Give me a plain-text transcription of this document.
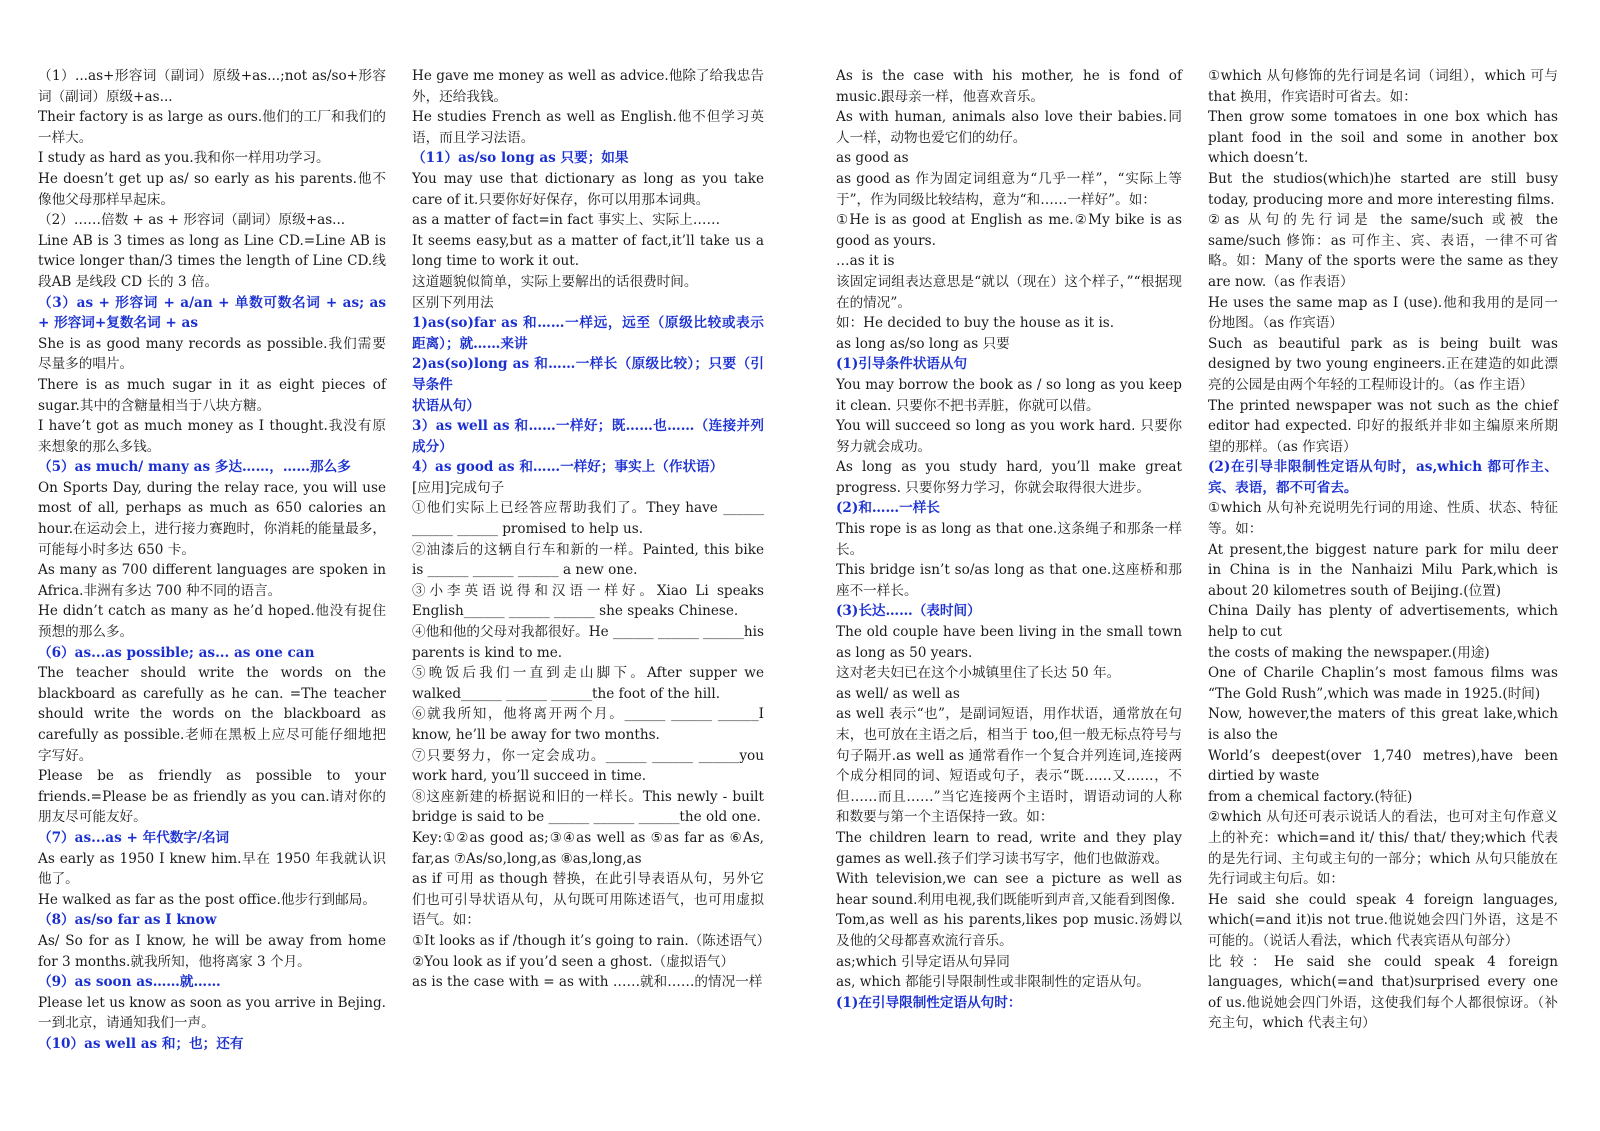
（1）...as+形容词（副词）原级+as...;not as/so+形容词（副词）原级+as...

Their factory is as large as ours.他们的工厂和我们的一样大。

I study as hard as you.我和你一样用功学习。

He doesn’t get up as/ so early as his parents.他不像他父母那样早起床。

（2）……倍数 + as + 形容词（副词）原级+as...

Line AB is 3 times as long as Line CD.=Line AB is twice longer than/3 times the length of Line CD.线段AB 是线段 CD 长的 3 倍。

（3）as + 形容词 + a/an + 单数可数名词 + as; as + 形容词+复数名词 + as

She is as good many records as possible.我们需要尽量多的唱片。

There is as much sugar in it as eight pieces of sugar.其中的含糖量相当于八块方糖。

I have’t got as much money as I thought.我没有原来想象的那么多钱。

（5）as much/ many as 多达……，……那么多

On Sports Day, during the relay race, you will use most of all, perhaps as much as 650 calories an hour.在运动会上，进行接力赛跑时，你消耗的能量最多，可能每小时多达 650 卡。

As many as 700 different languages are spoken in Africa.非洲有多达 700 种不同的语言。

He didn’t catch as many as he’d hoped.他没有捉住预想的那么多。

（6）as...as possible; as... as one can

The teacher should write the words on the blackboard as carefully as he can. =The teacher should write the words on the blackboard as carefully as possible.老师在黑板上应尽可能仔细地把字写好。

Please be as friendly as possible to your friends.=Please be as friendly as you can.请对你的朋友尽可能友好。

（7）as...as + 年代数字/名词

As early as 1950 I knew him.早在 1950 年我就认识他了。

He walked as far as the post office.他步行到邮局。

（8）as/so far as I know

As/ So for as I know, he will be away from home for 3 months.就我所知，他将离家 3 个月。

（9）as soon as……就……

Please let us know as soon as you arrive in Bejing.一到北京，请通知我们一声。

（10）as well as 和；也；还有

He gave me money as well as advice.他除了给我忠告外，还给我钱。

He studies French as well as English.他不但学习英语，而且学习法语。

（11）as/so long as 只要；如果

You may use that dictionary as long as you take care of it.只要你好好保存，你可以用那本词典。

as a matter of fact=in fact 事实上、实际上……

It seems easy,but as a matter of fact,it’ll take us a long time to work it out.

这道题貌似简单，实际上要解出的话很费时间。

区别下列用法

1)as(so)far as 和……一样远，远至（原级比较或表示距离）；就……来讲

2)as(so)long as 和……一样长（原级比较）；只要（引导条件

状语从句）

3）as well as 和……一样好；既……也……（连接并列成分）

4）as good as 和……一样好；事实上（作状语）

[应用]完成句子

①他们实际上已经答应帮助我们了。They have ______ ______ ______ promised to help us.

②油漆后的这辆自行车和新的一样。Painted, this bike is ______ ______ ______ a new one.

③小李英语说得和汉语一样好。Xiao Li speaks English______ ______ ______ she speaks Chinese.

④他和他的父母对我都很好。He ______ ______ ______his parents is kind to me.

⑤晚饭后我们一直到走山脚下。After supper we walked______ ______ ______the foot of the hill.

⑥就我所知，他将离开两个月。______ ______ ______I know, he’ll be away for two months.

⑦只要努力，你一定会成功。______ ______ ______you work hard, you’ll succeed in time.

⑧这座新建的桥据说和旧的一样长。This newly - built bridge is said to be ______ ______ ______the old one.

Key:①②as good as;③④as well as ⑤as far as ⑥As, far,as ⑦As/so,long,as ⑧as,long,as

as if 可用 as though 替换，在此引导表语从句，另外它们也可引导状语从句，从句既可用陈述语气，也可用虚拟语气。如：

①It looks as if /though it’s going to rain.（陈述语气）

②You look as if you’d seen a ghost.（虚拟语气）

as is the case with = as with ……就和……的情况一样

As is the case with his mother, he is fond of music.跟母亲一样，他喜欢音乐。

As with human, animals also love their babies.同人一样，动物也爱它们的幼仔。

as good as

as good as 作为固定词组意为“几乎一样”，“实际上等于”，作为同级比较结构，意为“和……一样好”。如：

①He is as good at English as me.②My bike is as good as yours.

…as it is

该固定词组表达意思是“就以（现在）这个样子，”“根据现在的情况”。

如：He decided to buy the house as it is.

as long as/so long as 只要

(1)引导条件状语从句

You may borrow the book as / so long as you keep it clean. 只要你不把书弄脏，你就可以借。

You will succeed so long as you work hard. 只要你努力就会成功。

As long as you study hard, you’ll make great progress. 只要你努力学习，你就会取得很大进步。

(2)和……一样长

This rope is as long as that one.这条绳子和那条一样长。

This bridge isn’t so/as long as that one.这座桥和那座不一样长。

(3)长达……（表时间）

The old couple have been living in the small town as long as 50 years.

这对老夫妇已在这个小城镇里住了长达 50 年。

as well/ as well as

as well 表示“也”，是副词短语，用作状语，通常放在句末，也可放在主语之后，相当于 too,但一般无标点符号与句子隔开.as well as 通常看作一个复合并列连词,连接两个成分相同的词、短语或句子，表示“既……又……，不但……而且……”当它连接两个主语时，谓语动词的人称和数要与第一个主语保持一致。如：

The children learn to read, write and they play games as well.孩子们学习读书写字，他们也做游戏。

With television,we can see a picture as well as hear sound.利用电视,我们既能听到声音,又能看到图像.

Tom,as well as his parents,likes pop music.汤姆以及他的父母都喜欢流行音乐。

as;which 引导定语从句异同

as, which 都能引导限制性或非限制性的定语从句。

(1)在引导限制性定语从句时：

①which 从句修饰的先行词是名词（词组），which 可与 that 换用，作宾语时可省去。如：

Then grow some tomatoes in one box which has plant food in the soil and some in another box which doesn’t.

But the studios(which)he started are still busy today, producing more and more interesting films.

②as 从句的先行词是 the same/such 或被 the same/such 修饰：as 可作主、宾、表语，一律不可省略。如：Many of the sports were the same as they are now.（as 作表语）

He uses the same map as I (use).他和我用的是同一份地图。（as 作宾语）

Such as beautiful park as is being built was designed by two young engineers.正在建造的如此漂亮的公园是由两个年轻的工程师设计的。（as 作主语）

The printed newspaper was not such as the chief editor had expected. 印好的报纸并非如主编原来所期望的那样。（as 作宾语）

(2)在引导非限制性定语从句时，as,which 都可作主、宾、表语，都不可省去。

①which 从句补充说明先行词的用途、性质、状态、特征等。如：

At present,the biggest nature park for milu deer in China is in the Nanhaizi Milu Park,which is about 20 kilometres south of Beijing.(位置)

China Daily has plenty of advertisements, which help to cut

the costs of making the newspaper.(用途)

One of Charile Chaplin’s most famous films was “The Gold Rush”,which was made in 1925.(时间)

Now, however,the maters of this great lake,which is also the

World’s deepest(over 1,740 metres),have been dirtied by waste

from a chemical factory.(特征)

②which 从句还可表示说话人的看法，也可对主句作意义上的补充：which=and it/ this/ that/ they;which 代表的是先行词、主句或主句的一部分；which 从句只能放在先行词或主句后。如：

He said she could speak 4 foreign languages, which(=and it)is not true.他说她会四门外语，这是不可能的。（说话人看法，which 代表宾语从句部分）

比较：He said she could speak 4 foreign languages, which(=and that)surprised every one of us.他说她会四门外语，这使我们每个人都很惊讶。（补充主句，which 代表主句）
